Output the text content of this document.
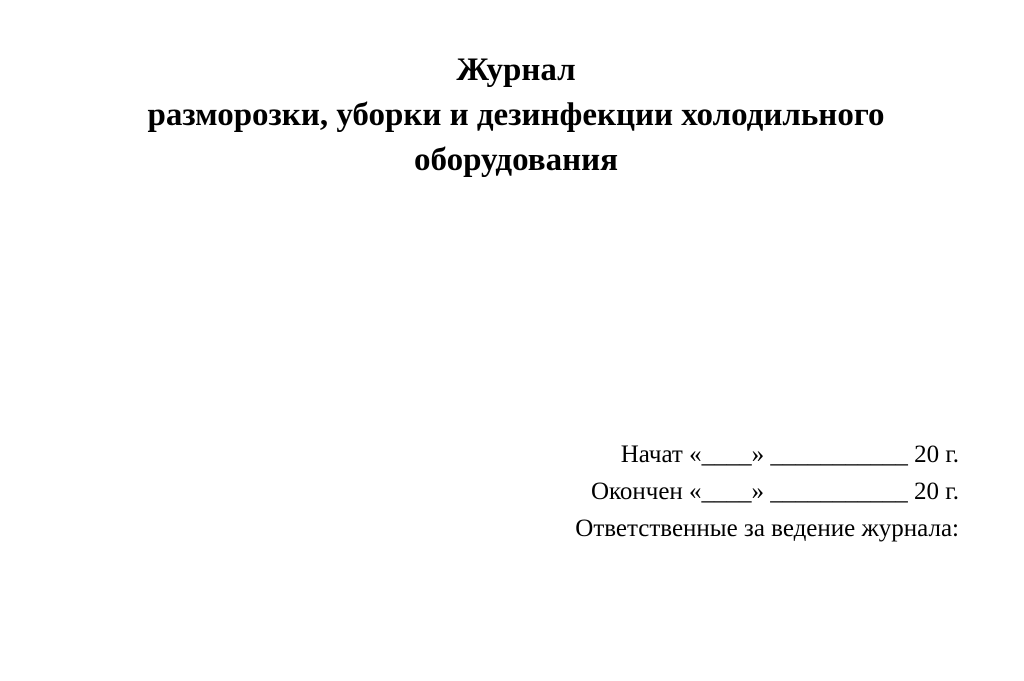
Журнал
разморозки, уборки и дезинфекции холодильного
оборудования
Начат «____» ___________ 20 г.
Окончен «____» ___________ 20 г.
Ответственные за ведение журнала:
